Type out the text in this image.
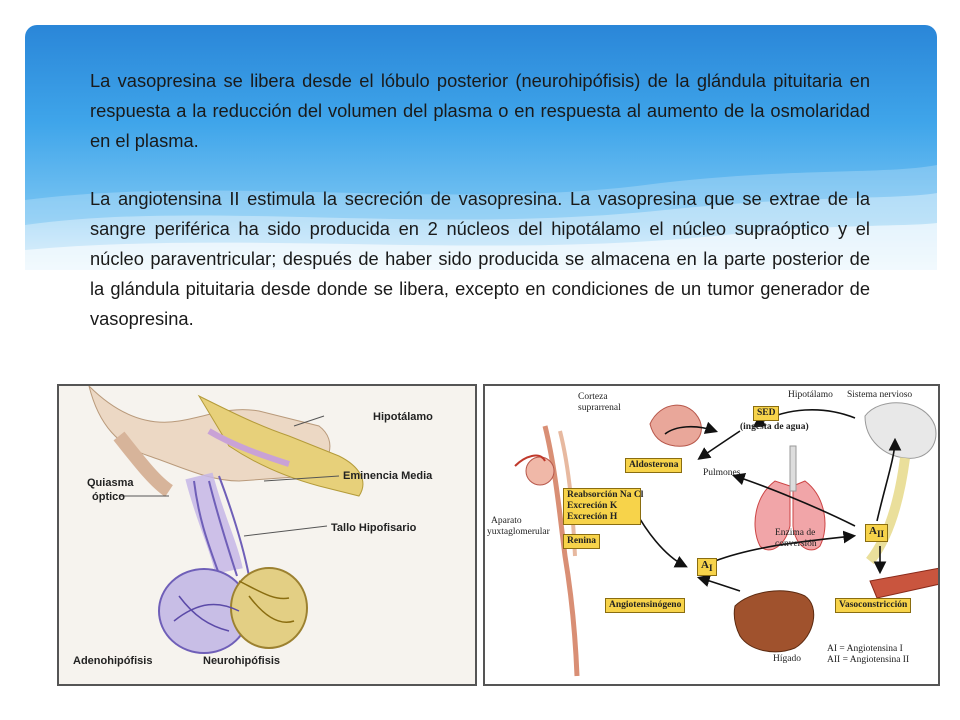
La vasopresina se libera desde el lóbulo posterior (neurohipófisis) de la glándula pituitaria en respuesta a la reducción del volumen del plasma o en respuesta al aumento de la osmolaridad en el plasma.

La angiotensina II estimula la secreción de vasopresina. La vasopresina que se extrae de la sangre periférica ha sido producida en 2 núcleos del hipotálamo el núcleo supraóptico y el núcleo paraventricular; después de haber sido producida se almacena en la parte posterior de la glándula pituitaria desde donde se libera, excepto en condiciones de un tumor generador de vasopresina.

Hipotálamo
Eminencia Media
Tallo Hipofisario
Quiasma
óptico
Adenohipófisis	Neurohipófisis
Corteza
suprarrenal
Hipotálamo Sistema nervioso
SED
(ingesta de agua)
Aldosterona
Pulmones
Reabsorción Na Cl
Excreción K
Excreción H
Aparato
yuxtaglomerular
Renina
Enzima de
conversión
$A_{II}$
$A_I$
Angiotensinógeno	Vasoconstricción
Hígado
AI = Angiotensina I
AII = Angiotensina II
